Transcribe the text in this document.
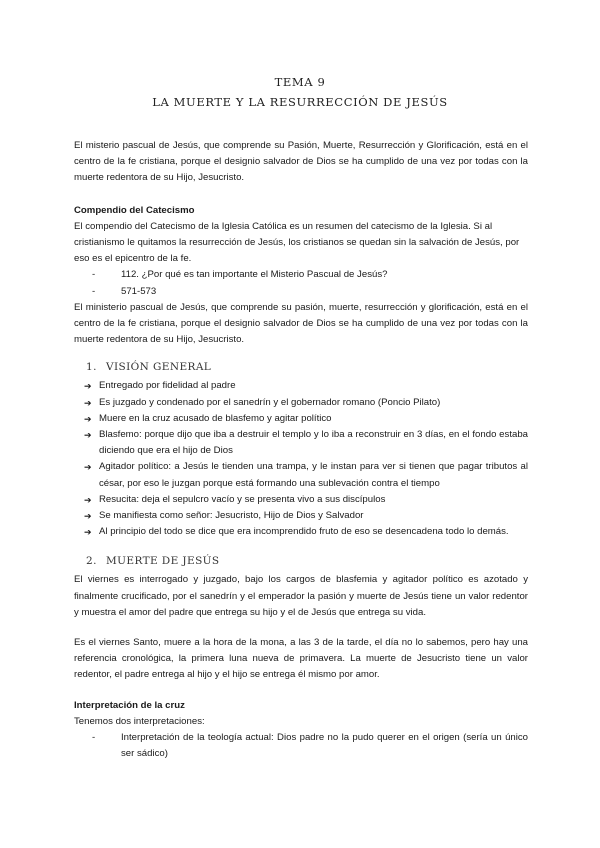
TEMA 9

LA MUERTE Y LA RESURRECCIÓN DE JESÚS

El misterio pascual de Jesús, que comprende su Pasión, Muerte, Resurrección y Glorificación, está en el centro de la fe cristiana, porque el designio salvador de Dios se ha cumplido de una vez por todas con la muerte redentora de su Hijo, Jesucristo.

Compendio del Catecismo

El compendio del Catecismo de la Iglesia Católica es un resumen del catecismo de la Iglesia. Si al cristianismo le quitamos la resurrección de Jesús, los cristianos se quedan sin la salvación de Jesús, por eso es el epicentro de la fe.

- 112. ¿Por qué es tan importante el Misterio Pascual de Jesús?
- 571-573

El ministerio pascual de Jesús, que comprende su pasión, muerte, resurrección y glorificación, está en el centro de la fe cristiana, porque el designio salvador de Dios se ha cumplido de una vez por todas con la muerte redentora de su Hijo, Jesucristo.

1. VISIÓN GENERAL
➔ Entregado por fidelidad al padre
➔ Es juzgado y condenado por el sanedrín y el gobernador romano (Poncio Pilato)
➔ Muere en la cruz acusado de blasfemo y agitar político
➔ Blasfemo: porque dijo que iba a destruir el templo y lo iba a reconstruir en 3 días, en el fondo estaba diciendo que era el hijo de Dios
➔ Agitador político: a Jesús le tienden una trampa, y le instan para ver si tienen que pagar tributos al césar, por eso le juzgan porque está formando una sublevación contra el tiempo
➔ Resucita: deja el sepulcro vacío y se presenta vivo a sus discípulos
➔ Se manifiesta como señor: Jesucristo, Hijo de Dios y Salvador
➔ Al principio del todo se dice que era incomprendido fruto de eso se desencadena todo lo demás.
2. MUERTE DE JESÚS

El viernes es interrogado y juzgado, bajo los cargos de blasfemia y agitador político es azotado y finalmente crucificado, por el sanedrín y el emperador la pasión y muerte de Jesús tiene un valor redentor y muestra el amor del padre que entrega su hijo y el de Jesús que entrega su vida.

Es el viernes Santo, muere a la hora de la mona, a las 3 de la tarde, el día no lo sabemos, pero hay una referencia cronológica, la primera luna nueva de primavera. La muerte de Jesucristo tiene un valor redentor, el padre entrega al hijo y el hijo se entrega él mismo por amor.

Interpretación de la cruz

Tenemos dos interpretaciones:

- Interpretación de la teología actual: Dios padre no la pudo querer en el origen (sería un único ser sádico)
